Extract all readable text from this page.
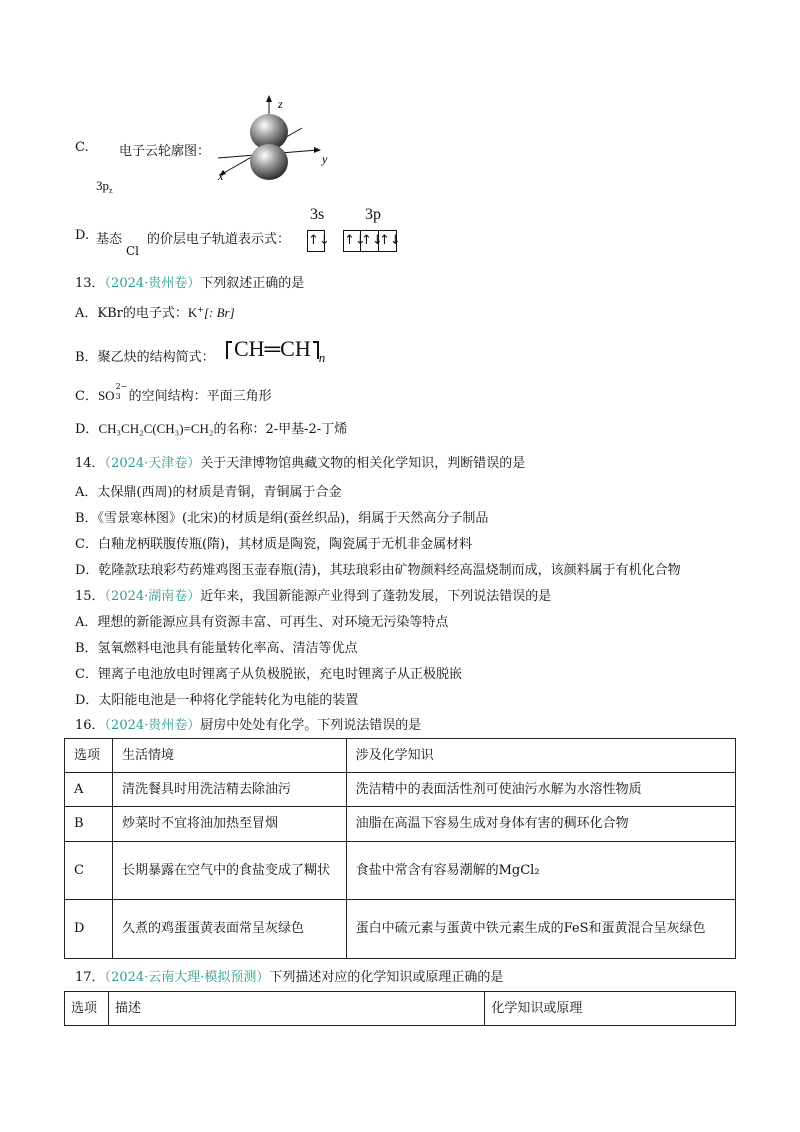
C. 电子云轮廓图：
z
y
x
$3p_z$
D. 基态
Cl
的价层电子轨道表示式：
3s	3p
↑↓ ↑↓
↑↓
↑↓
13．（2024·贵州卷）下列叙述正确的是
A．KBr的电子式：K+[: Br]
B．聚乙炔的结构简式： CH═CH $_n$
C．SO
2−
3 的空间结构：平面三角形
D．CH₃CH₂C(CH₃)=CH₂的名称：2-甲基-2-丁烯
14．（2024·天津卷）关于天津博物馆典藏文物的相关化学知识，判断错误的是
A．太保鼎(西周)的材质是青铜，青铜属于合金
B．《雪景寒林图》(北宋)的材质是绢(蚕丝织品)，绢属于天然高分子制品
C．白釉龙柄联腹传瓶(隋)，其材质是陶瓷，陶瓷属于无机非金属材料
D．乾隆款珐琅彩芍药雉鸡图玉壶春瓶(清)，其珐琅彩由矿物颜料经高温烧制而成，该颜料属于有机化合物
15．（2024·湖南卷）近年来，我国新能源产业得到了蓬勃发展，下列说法错误的是
A．理想的新能源应具有资源丰富、可再生、对环境无污染等特点
B．氢氧燃料电池具有能量转化率高、清洁等优点
C．锂离子电池放电时锂离子从负极脱嵌，充电时锂离子从正极脱嵌
D．太阳能电池是一种将化学能转化为电能的装置
16．（2024·贵州卷）厨房中处处有化学。下列说法错误的是
选项	生活情境	涉及化学知识
A	清洗餐具时用洗洁精去除油污	洗洁精中的表面活性剂可使油污水解为水溶性物质
B	炒菜时不宜将油加热至冒烟	油脂在高温下容易生成对身体有害的稠环化合物
C	长期暴露在空气中的食盐变成了糊状	食盐中常含有容易潮解的MgCl₂
D	久煮的鸡蛋蛋黄表面常呈灰绿色	蛋白中硫元素与蛋黄中铁元素生成的FeS和蛋黄混合呈灰绿色
17．（2024·云南大理·模拟预测）下列描述对应的化学知识或原理正确的是
选项	描述	化学知识或原理
